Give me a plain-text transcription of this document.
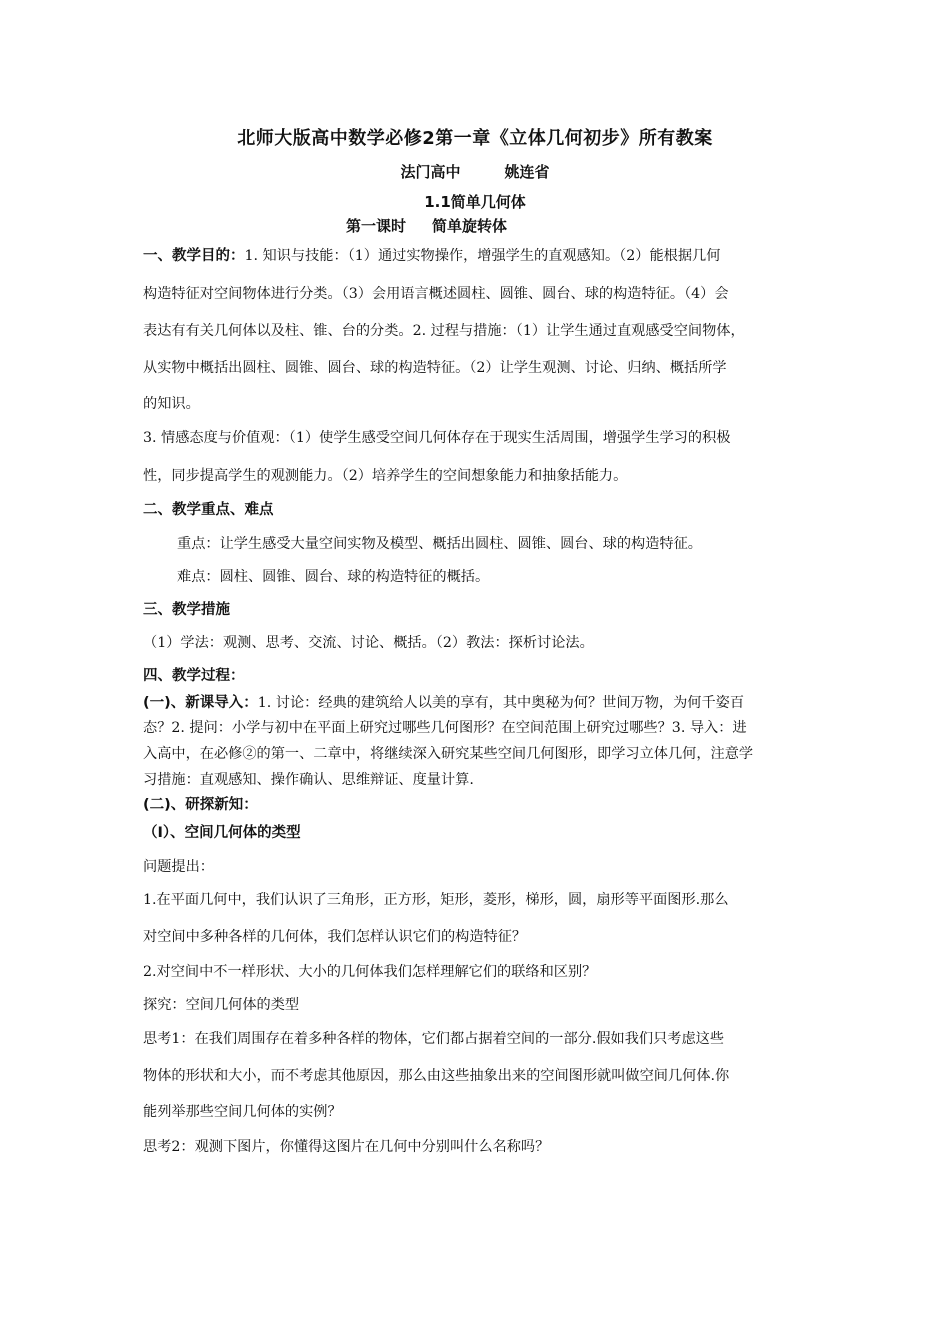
北师大版高中数学必修2第一章《立体几何初步》所有教案
法门高中	姚连省
1.1简单几何体
第一课时 简单旋转体
一、教学目的：1. 知识与技能：（1）通过实物操作，增强学生的直观感知。（2）能根据几何
构造特征对空间物体进行分类。（3）会用语言概述圆柱、圆锥、圆台、球的构造特征。（4）会
表达有有关几何体以及柱、锥、台的分类。2. 过程与措施：（1）让学生通过直观感受空间物体，
从实物中概括出圆柱、圆锥、圆台、球的构造特征。（2）让学生观测、讨论、归纳、概括所学
的知识。
3. 情感态度与价值观：（1）使学生感受空间几何体存在于现实生活周围，增强学生学习的积极
性，同步提高学生的观测能力。（2）培养学生的空间想象能力和抽象括能力。
二、教学重点、难点
重点：让学生感受大量空间实物及模型、概括出圆柱、圆锥、圆台、球的构造特征。
难点：圆柱、圆锥、圆台、球的构造特征的概括。
三、教学措施
（1）学法：观测、思考、交流、讨论、概括。（2）教法：探析讨论法。
四、教学过程：
(一)、新课导入：1. 讨论：经典的建筑给人以美的享有，其中奥秘为何？世间万物，为何千姿百
态？2. 提问：小学与初中在平面上研究过哪些几何图形？在空间范围上研究过哪些？3. 导入：进
入高中，在必修②的第一、二章中，将继续深入研究某些空间几何图形，即学习立体几何，注意学
习措施：直观感知、操作确认、思维辩证、度量计算.
(二)、研探新知：
（Ⅰ）、空间几何体的类型
问题提出：
1.在平面几何中，我们认识了三角形，正方形，矩形，菱形，梯形，圆，扇形等平面图形.那么
对空间中多种各样的几何体，我们怎样认识它们的构造特征？
2.对空间中不一样形状、大小的几何体我们怎样理解它们的联络和区别？
探究：空间几何体的类型
思考1：在我们周围存在着多种各样的物体，它们都占据着空间的一部分.假如我们只考虑这些
物体的形状和大小，而不考虑其他原因，那么由这些抽象出来的空间图形就叫做空间几何体.你
能列举那些空间几何体的实例？
思考2：观测下图片，你懂得这图片在几何中分别叫什么名称吗？
